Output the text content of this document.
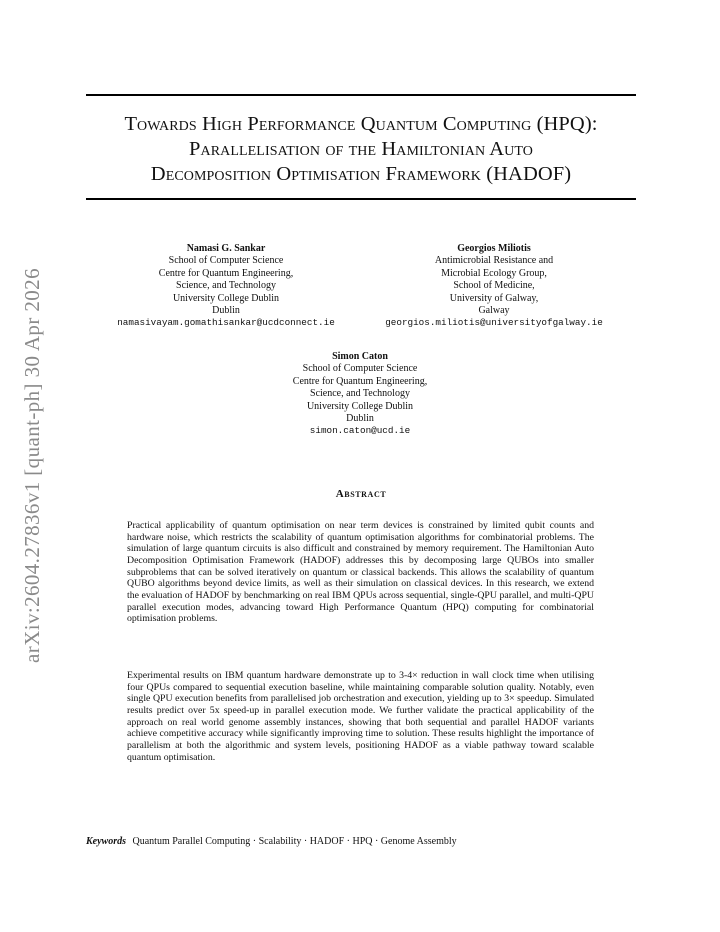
arXiv:2604.27836v1 [quant-ph] 30 Apr 2026
Towards High Performance Quantum Computing (HPQ):
Parallelisation of the Hamiltonian Auto
Decomposition Optimisation Framework (HADOF)
Namasi G. Sankar
School of Computer Science
Centre for Quantum Engineering,
Science, and Technology
University College Dublin
Dublin
namasivayam.gomathisankar@ucdconnect.ie
Georgios Miliotis
Antimicrobial Resistance and
Microbial Ecology Group,
School of Medicine,
University of Galway,
Galway
georgios.miliotis@universityofgalway.ie
Simon Caton
School of Computer Science
Centre for Quantum Engineering,
Science, and Technology
University College Dublin
Dublin
simon.caton@ucd.ie
Abstract

Practical applicability of quantum optimisation on near term devices is constrained by limited qubit counts and hardware noise, which restricts the scalability of quantum optimisation algorithms for combinatorial problems. The simulation of large quantum circuits is also difficult and constrained by memory requirement. The Hamiltonian Auto Decomposition Optimisation Framework (HADOF) addresses this by decomposing large QUBOs into smaller subproblems that can be solved iteratively on quantum or classical backends. This allows the scalability of quantum QUBO algorithms beyond device limits, as well as their simulation on classical devices. In this research, we extend the evaluation of HADOF by benchmarking on real IBM QPUs across sequential, single-QPU parallel, and multi-QPU parallel execution modes, advancing toward High Performance Quantum (HPQ) computing for combinatorial optimisation problems.

Experimental results on IBM quantum hardware demonstrate up to 3-4× reduction in wall clock time when utilising four QPUs compared to sequential execution baseline, while maintaining comparable solution quality. Notably, even single QPU execution benefits from parallelised job orchestration and execution, yielding up to 3× speedup. Simulated results predict over 5x speed-up in parallel execution mode. We further validate the practical applicability of the approach on real world genome assembly instances, showing that both sequential and parallel HADOF variants achieve competitive accuracy while significantly improving time to solution. These results highlight the importance of parallelism at both the algorithmic and system levels, positioning HADOF as a viable pathway toward scalable quantum optimisation.

Keywords Quantum Parallel Computing · Scalability · HADOF · HPQ · Genome Assembly
